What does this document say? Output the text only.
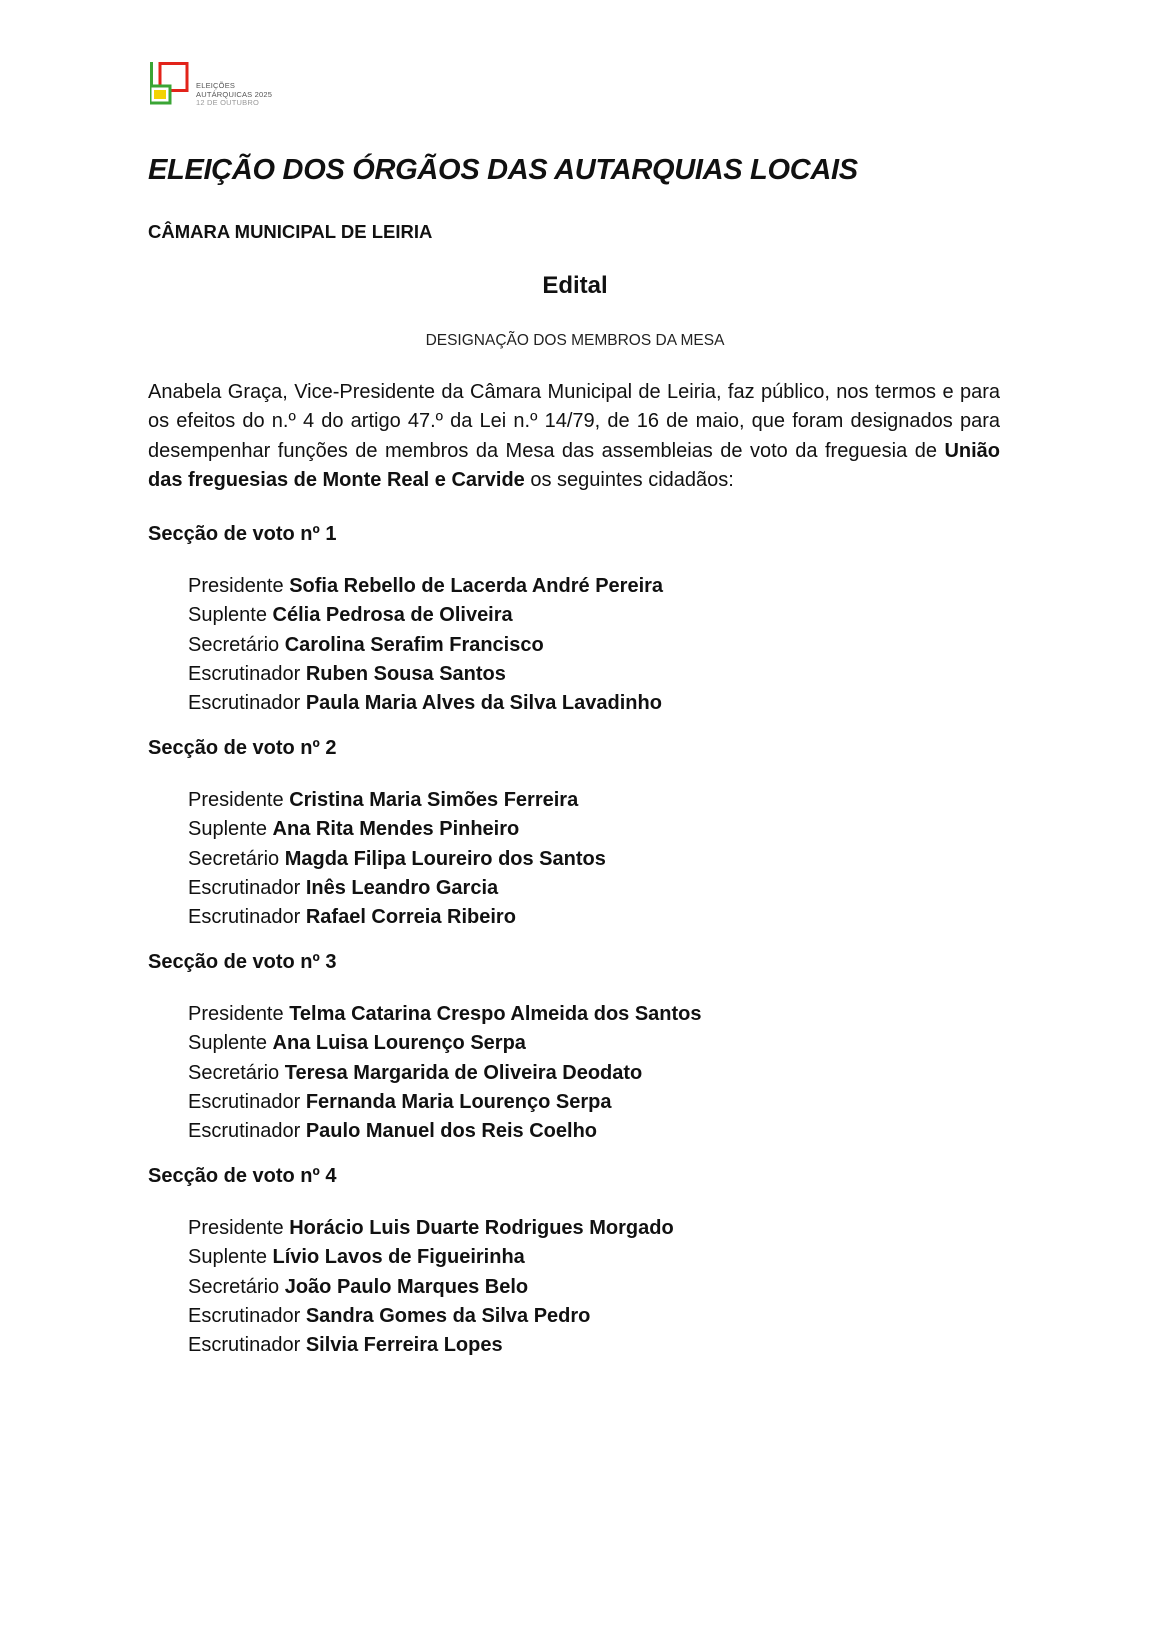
ELEIÇÕES
AUTÁRQUICAS 2025
12 DE OUTUBRO
ELEIÇÃO DOS ÓRGÃOS DAS AUTARQUIAS LOCAIS
CÂMARA MUNICIPAL DE LEIRIA
Edital
DESIGNAÇÃO DOS MEMBROS DA MESA

Anabela Graça, Vice-Presidente da Câmara Municipal de Leiria, faz público, nos termos e para os efeitos do n.º 4 do artigo 47.º da Lei n.º 14/79, de 16 de maio, que foram designados para desempenhar funções de membros da Mesa das assembleias de voto da freguesia de União das freguesias de Monte Real e Carvide os seguintes cidadãos:

Secção de voto nº 1
Presidente Sofia Rebello de Lacerda André Pereira
Suplente Célia Pedrosa de Oliveira
Secretário Carolina Serafim Francisco
Escrutinador Ruben Sousa Santos
Escrutinador Paula Maria Alves da Silva Lavadinho
Secção de voto nº 2
Presidente Cristina Maria Simões Ferreira
Suplente Ana Rita Mendes Pinheiro
Secretário Magda Filipa Loureiro dos Santos
Escrutinador Inês Leandro Garcia
Escrutinador Rafael Correia Ribeiro
Secção de voto nº 3
Presidente Telma Catarina Crespo Almeida dos Santos
Suplente Ana Luisa Lourenço Serpa
Secretário Teresa Margarida de Oliveira Deodato
Escrutinador Fernanda Maria Lourenço Serpa
Escrutinador Paulo Manuel dos Reis Coelho
Secção de voto nº 4
Presidente Horácio Luis Duarte Rodrigues Morgado
Suplente Lívio Lavos de Figueirinha
Secretário João Paulo Marques Belo
Escrutinador Sandra Gomes da Silva Pedro
Escrutinador Silvia Ferreira Lopes
